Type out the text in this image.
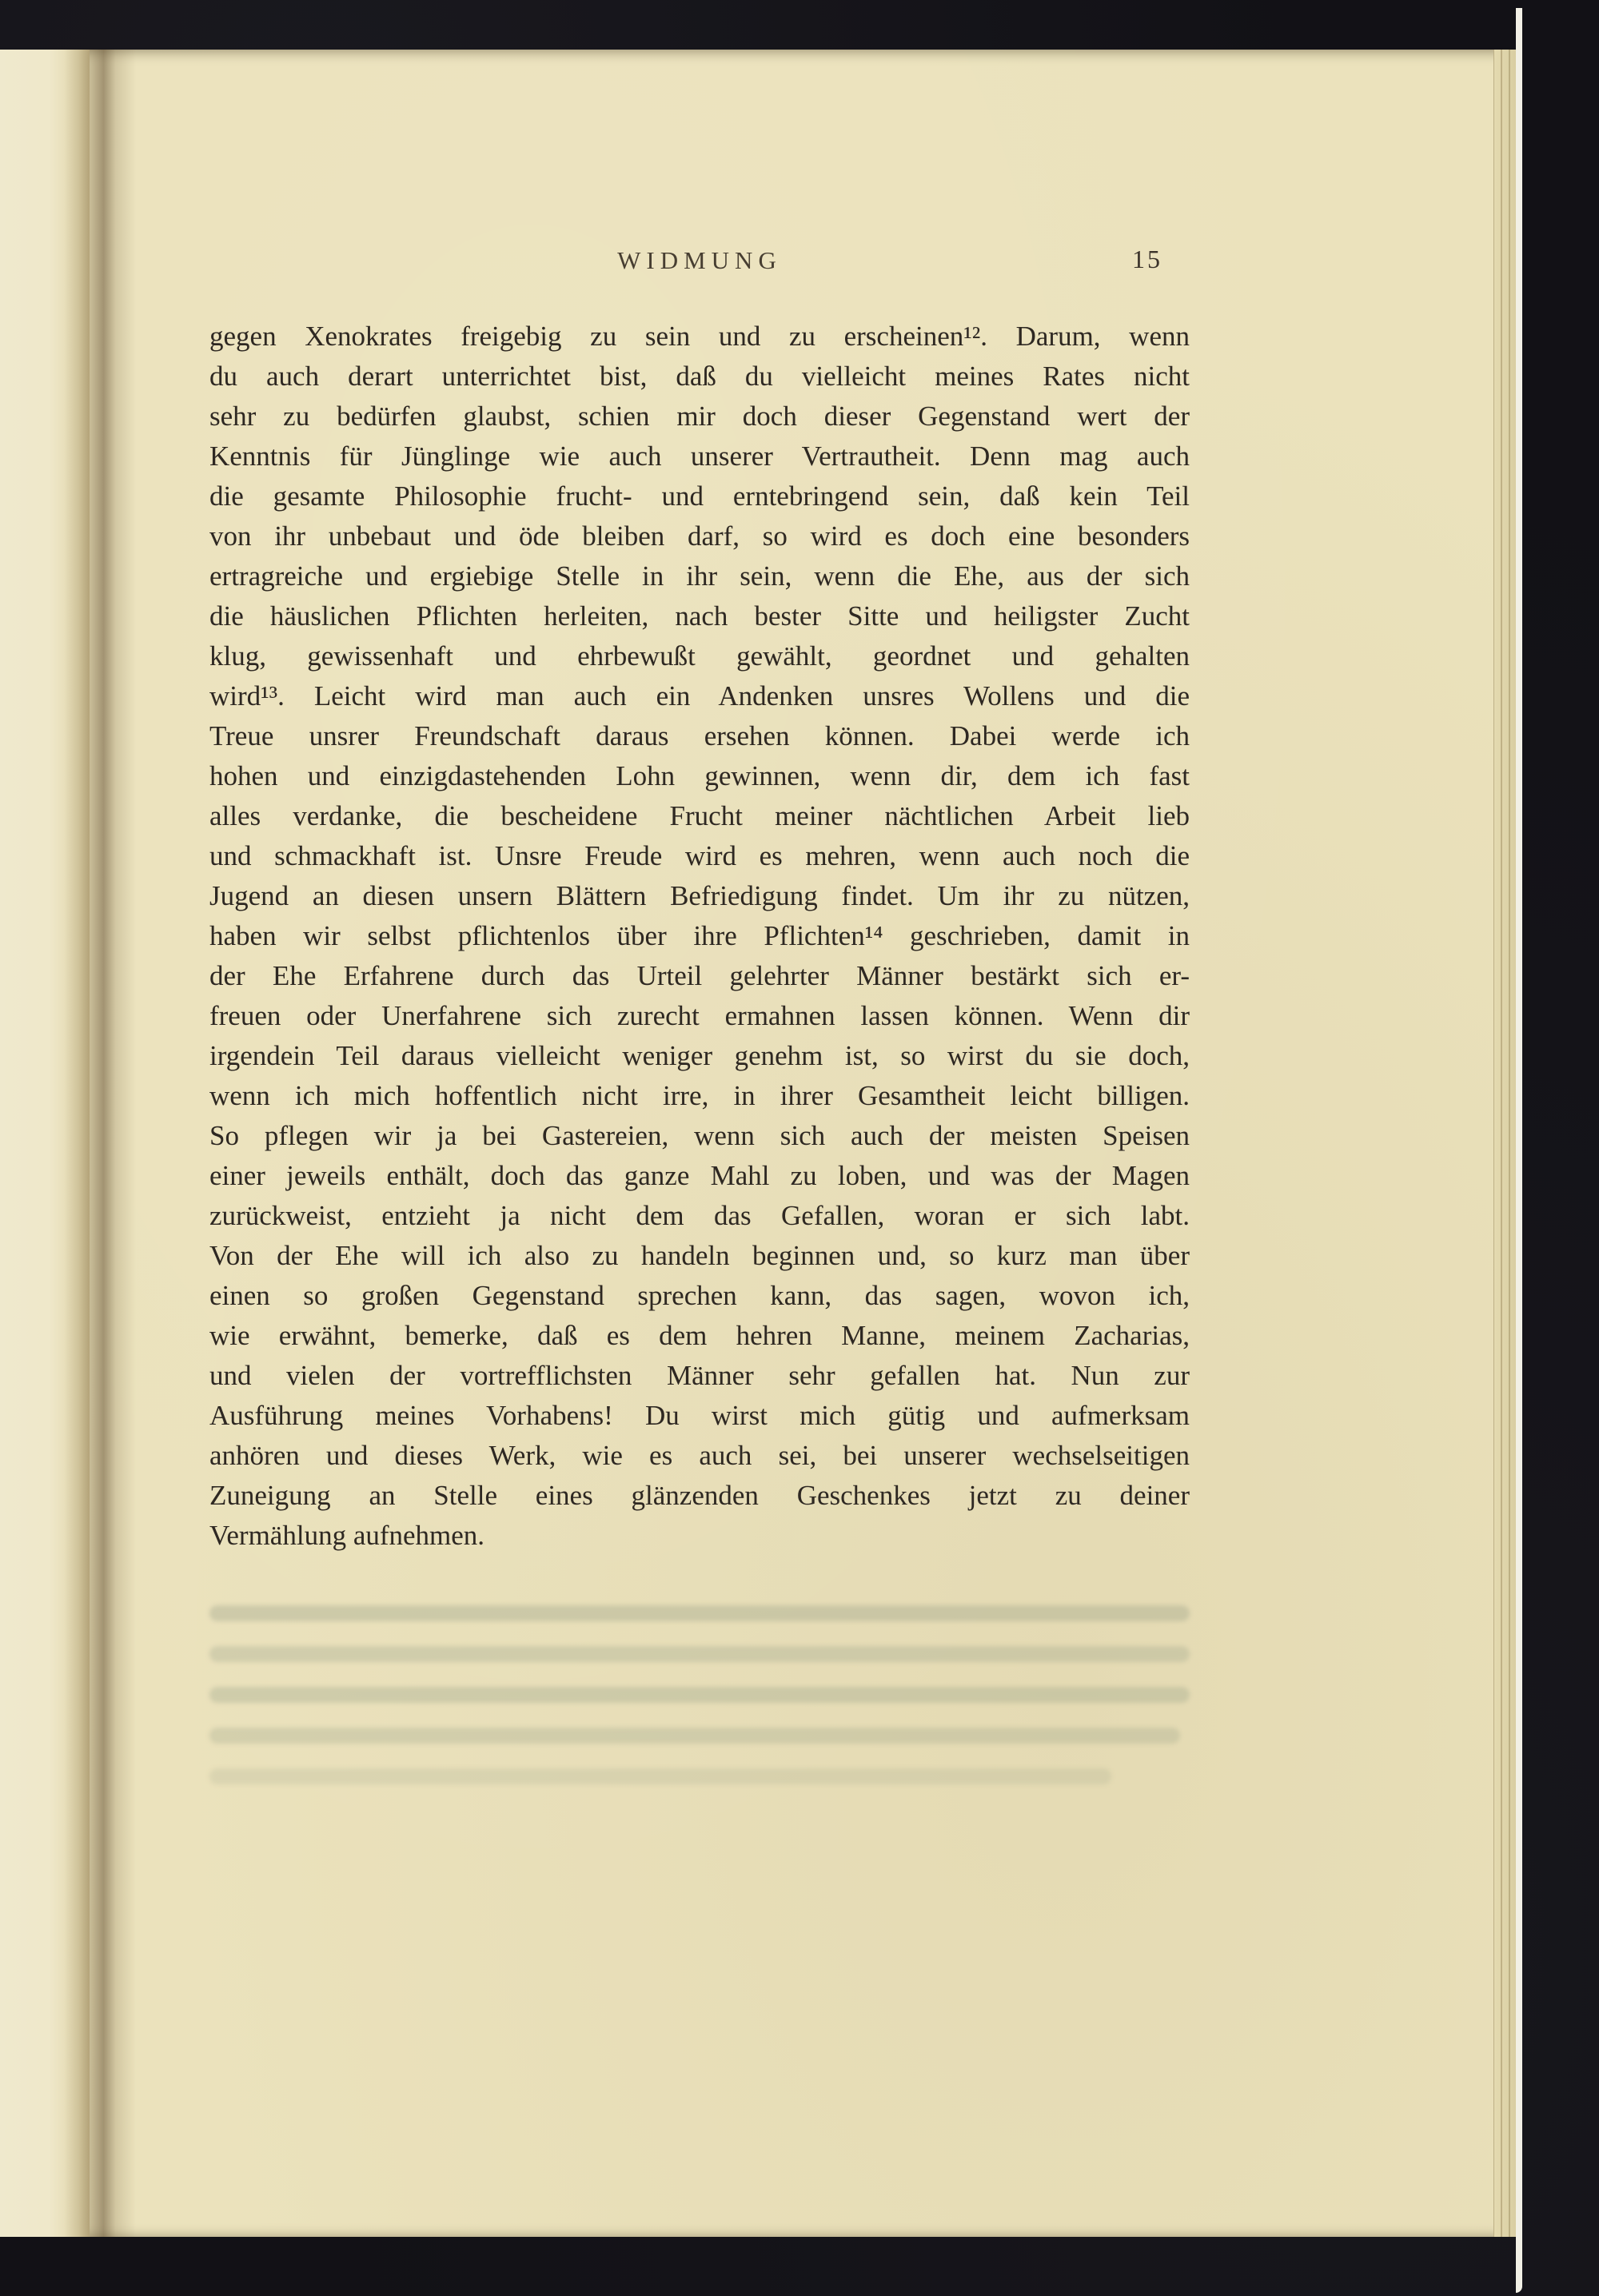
WIDMUNG	15
gegen Xenokrates freigebig zu sein und zu erscheinen¹². Darum, wenn
du auch derart unterrichtet bist, daß du vielleicht meines Rates nicht
sehr zu bedürfen glaubst, schien mir doch dieser Gegenstand wert der
Kenntnis für Jünglinge wie auch unserer Vertrautheit. Denn mag auch
die gesamte Philosophie frucht- und erntebringend sein, daß kein Teil
von ihr unbebaut und öde bleiben darf, so wird es doch eine besonders
ertragreiche und ergiebige Stelle in ihr sein, wenn die Ehe, aus der sich
die häuslichen Pflichten herleiten, nach bester Sitte und heiligster Zucht
klug, gewissenhaft und ehrbewußt gewählt, geordnet und gehalten
wird¹³. Leicht wird man auch ein Andenken unsres Wollens und die
Treue unsrer Freundschaft daraus ersehen können. Dabei werde ich
hohen und einzigdastehenden Lohn gewinnen, wenn dir, dem ich fast
alles verdanke, die bescheidene Frucht meiner nächtlichen Arbeit lieb
und schmackhaft ist. Unsre Freude wird es mehren, wenn auch noch die
Jugend an diesen unsern Blättern Befriedigung findet. Um ihr zu nützen,
haben wir selbst pflichtenlos über ihre Pflichten¹⁴ geschrieben, damit in
der Ehe Erfahrene durch das Urteil gelehrter Männer bestärkt sich er-
freuen oder Unerfahrene sich zurecht ermahnen lassen können. Wenn dir
irgendein Teil daraus vielleicht weniger genehm ist, so wirst du sie doch,
wenn ich mich hoffentlich nicht irre, in ihrer Gesamtheit leicht billigen.
So pflegen wir ja bei Gastereien, wenn sich auch der meisten Speisen
einer jeweils enthält, doch das ganze Mahl zu loben, und was der Magen
zurückweist, entzieht ja nicht dem das Gefallen, woran er sich labt.
Von der Ehe will ich also zu handeln beginnen und, so kurz man über
einen so großen Gegenstand sprechen kann, das sagen, wovon ich,
wie erwähnt, bemerke, daß es dem hehren Manne, meinem Zacharias,
und vielen der vortrefflichsten Männer sehr gefallen hat. Nun zur
Ausführung meines Vorhabens! Du wirst mich gütig und aufmerksam
anhören und dieses Werk, wie es auch sei, bei unserer wechselseitigen
Zuneigung an Stelle eines glänzenden Geschenkes jetzt zu deiner
Vermählung aufnehmen.
